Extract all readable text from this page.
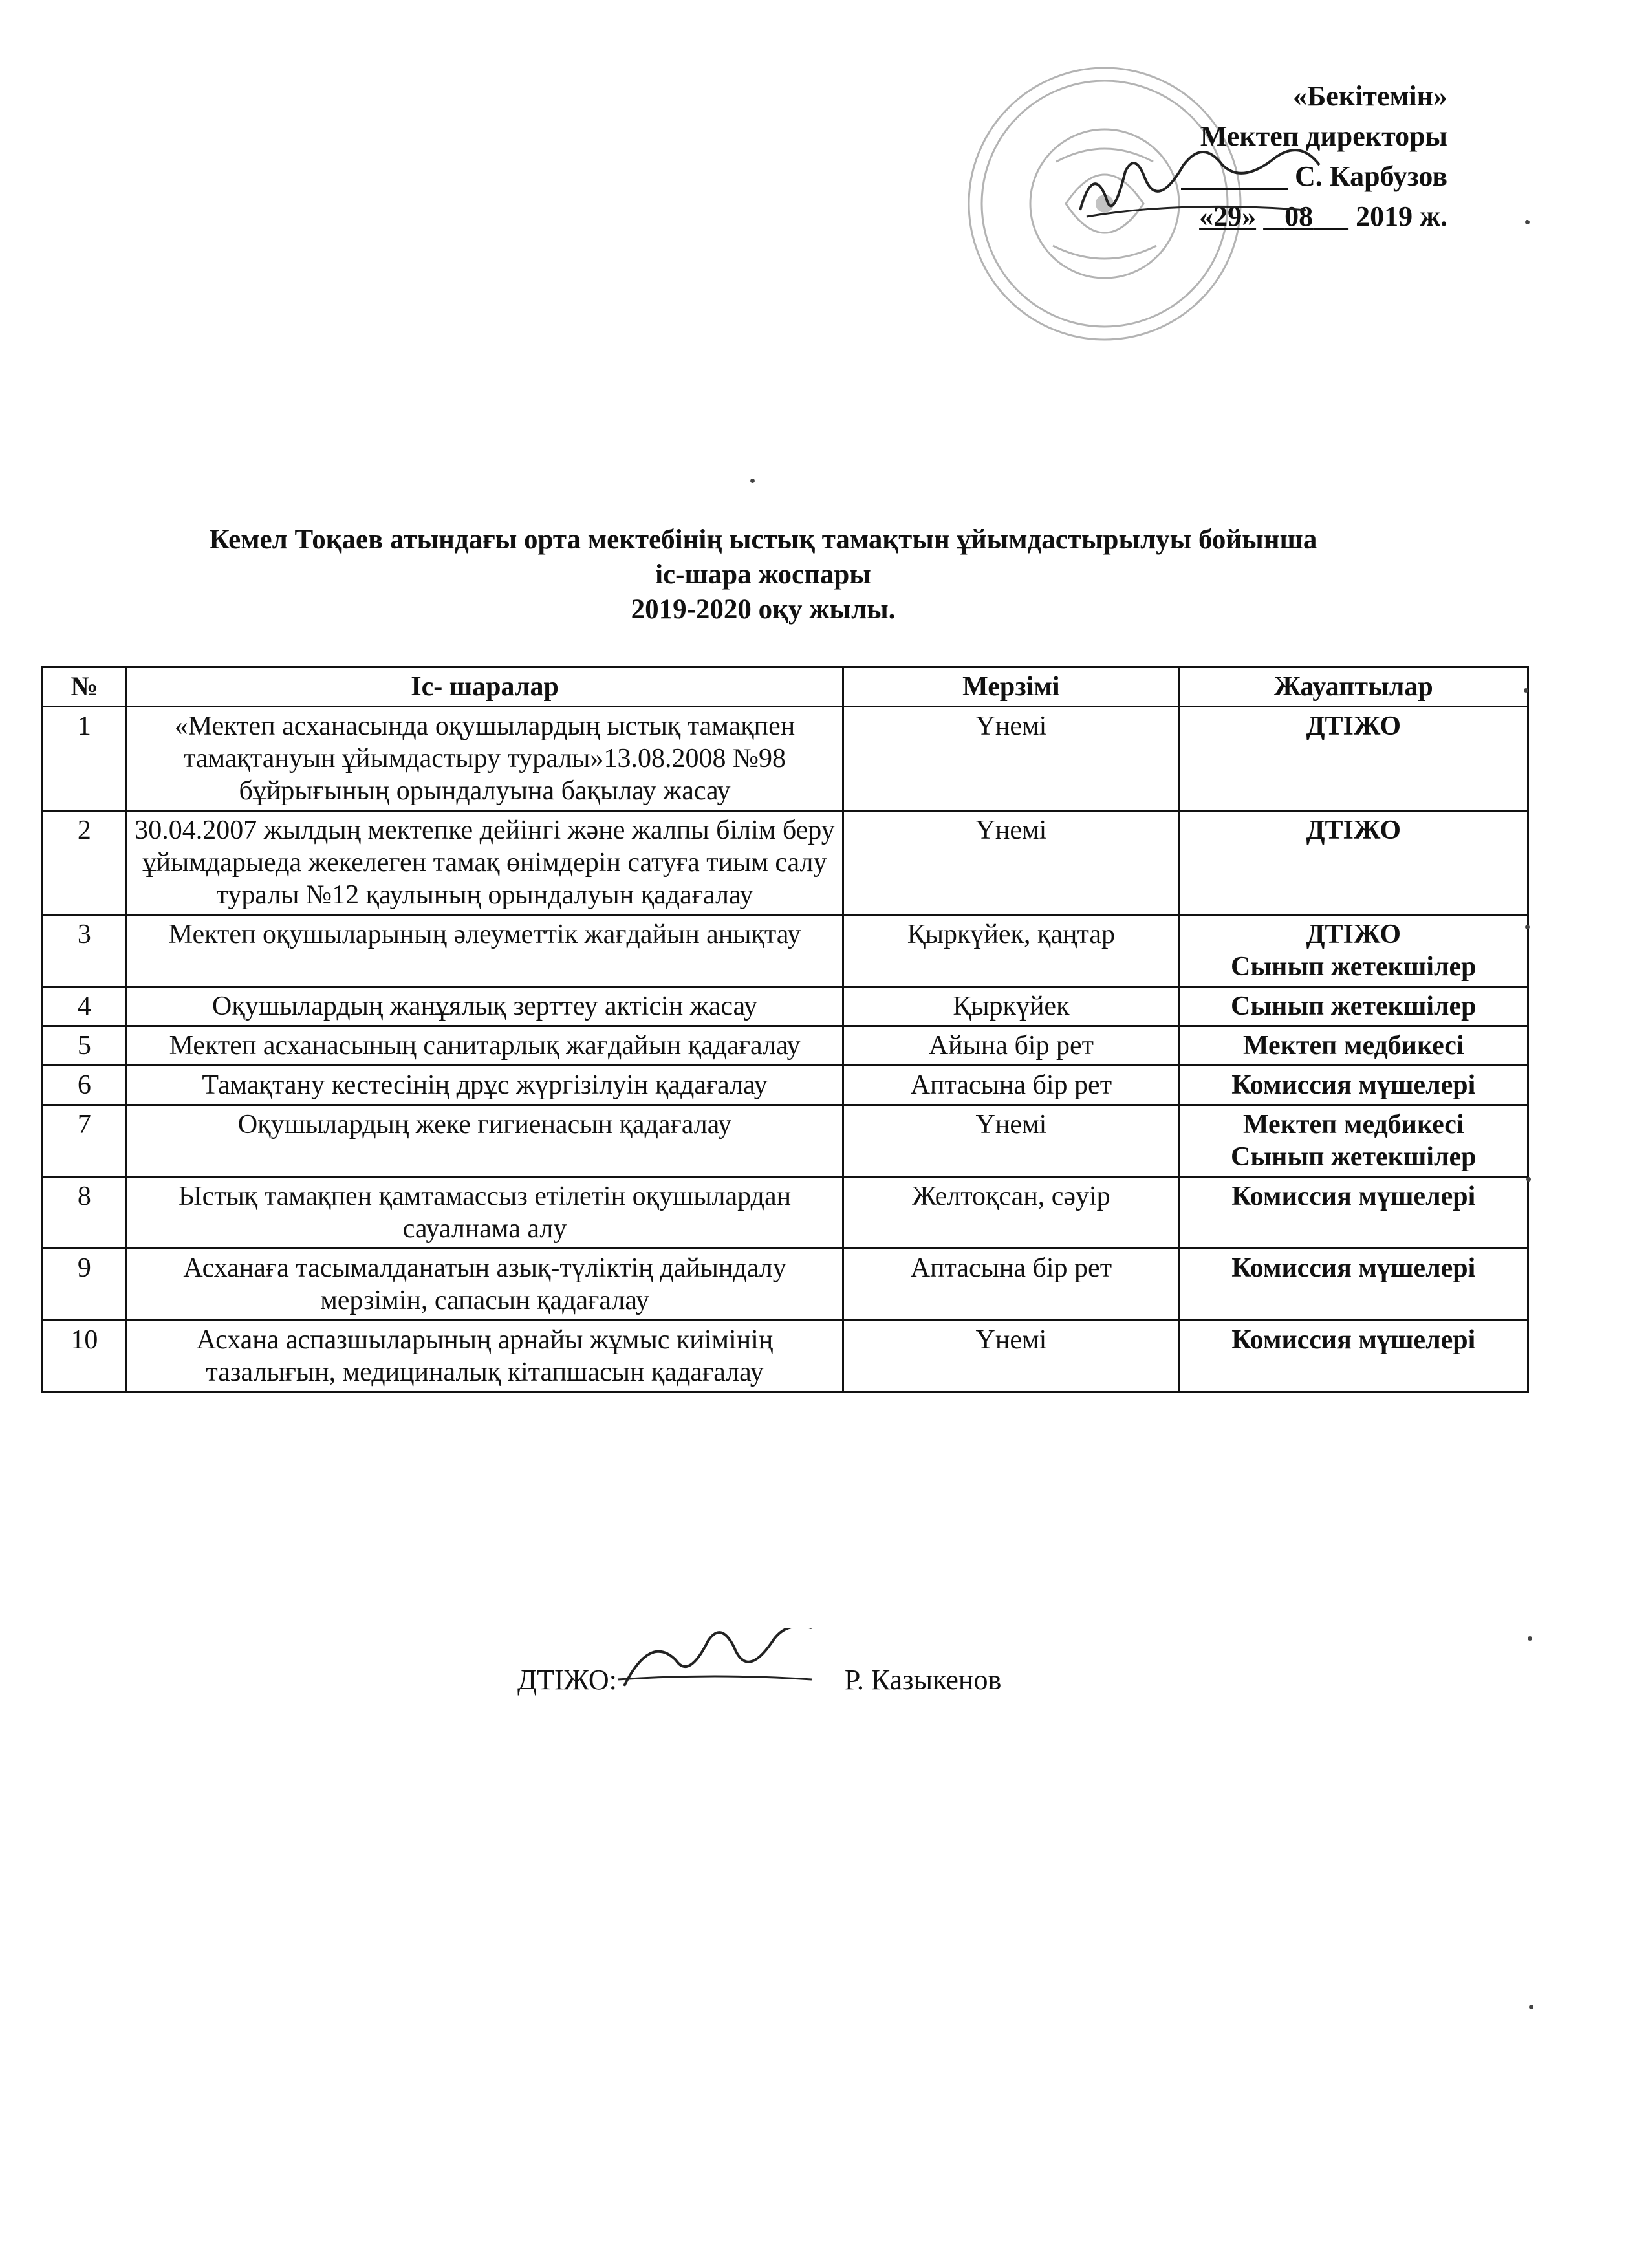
«Бекітемін»
Мектеп директоры
С. Карбузов
«29» 08 2019 ж.
Кемел Тоқаев атындағы орта мектебінің ыстық тамақтын ұйымдастырылуы бойынша
іс-шара жоспары
2019-2020 оқу жылы.
№	Іс- шаралар	Мерзімі	Жауаптылар
1	«Мектеп асханасында оқушылардың ыстық тамақпен тамақтануын ұйымдастыру туралы»13.08.2008 №98 бұйрығының орындалуына бақылау жасау	Үнемі	ДТІЖО
2	30.04.2007 жылдың мектепке дейінгі және жалпы білім беру ұйымдарыеда жекелеген тамақ өнімдерін сатуға тиым салу туралы №12 қаулының орындалуын қадағалау	Үнемі	ДТІЖО
3	Мектеп оқушыларының әлеуметтік жағдайын анықтау	Қыркүйек, қаңтар	ДТІЖО
Сынып жетекшілер
4	Оқушылардың жанұялық зерттеу актісін жасау	Қыркүйек	Сынып жетекшілер
5	Мектеп асханасының санитарлық жағдайын қадағалау	Айына бір рет	Мектеп медбикесі
6	Тамақтану кестесінің дрұс жүргізілуін қадағалау	Аптасына бір рет	Комиссия мүшелері
7	Оқушылардың жеке гигиенасын қадағалау	Үнемі	Мектеп медбикесі
Сынып жетекшілер
8	Ыстық тамақпен қамтамассыз етілетін оқушылардан сауалнама алу	Желтоқсан, сәуір	Комиссия мүшелері
9	Асханаға тасымалданатын азық-түліктің дайындалу мерзімін, сапасын қадағалау	Аптасына бір рет	Комиссия мүшелері
10	Асхана аспазшыларының арнайы жұмыс киімінің тазалығын, медициналық кітапшасын қадағалау	Үнемі	Комиссия мүшелері
ДТІЖО:	Р. Казыкенов
